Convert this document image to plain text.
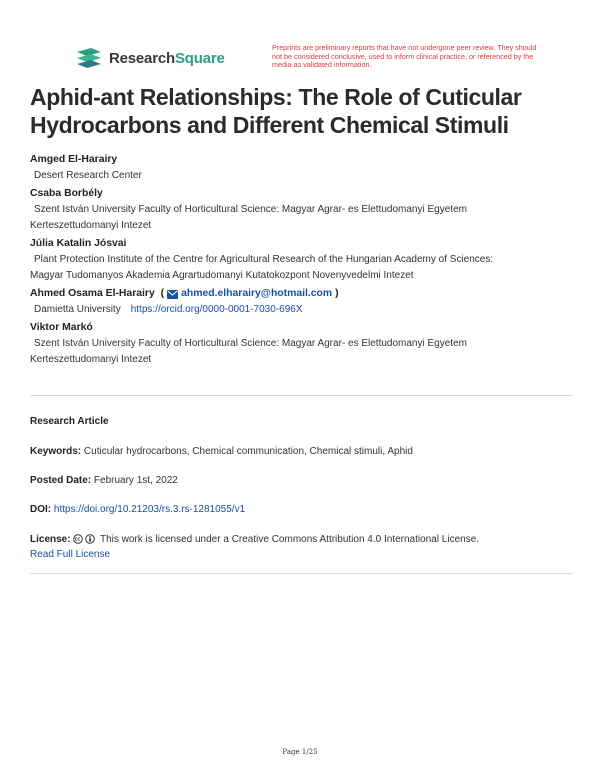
ResearchSquare
Preprints are preliminary reports that have not undergone peer review. They should not be considered conclusive, used to inform clinical practice, or referenced by the media as validated information.
Aphid-ant Relationships: The Role of Cuticular Hydrocarbons and Different Chemical Stimuli
Amged El-Harairy
Desert Research Center
Csaba Borbély
Szent István University Faculty of Horticultural Science: Magyar Agrar- es Elettudomanyi Egyetem
Kerteszettudomanyi Intezet
Júlia Katalin Jósvai
Plant Protection Institute of the Centre for Agricultural Research of the Hungarian Academy of Sciences:
Magyar Tudomanyos Akademia Agrartudomanyi Kutatokozpont Novenyvedelmi Intezet
Ahmed Osama El-Harairy ( ahmed.elharairy@hotmail.com )
Damietta University https://orcid.org/0000-0001-7030-696X
Viktor Markó
Szent István University Faculty of Horticultural Science: Magyar Agrar- es Elettudomanyi Egyetem
Kerteszettudomanyi Intezet
Research Article
Keywords: Cuticular hydrocarbons, Chemical communication, Chemical stimuli, Aphid
Posted Date: February 1st, 2022
DOI: https://doi.org/10.21203/rs.3.rs-1281055/v1
License:	This work is licensed under a Creative Commons Attribution 4.0 International License.
Read Full License
Page 1/25
